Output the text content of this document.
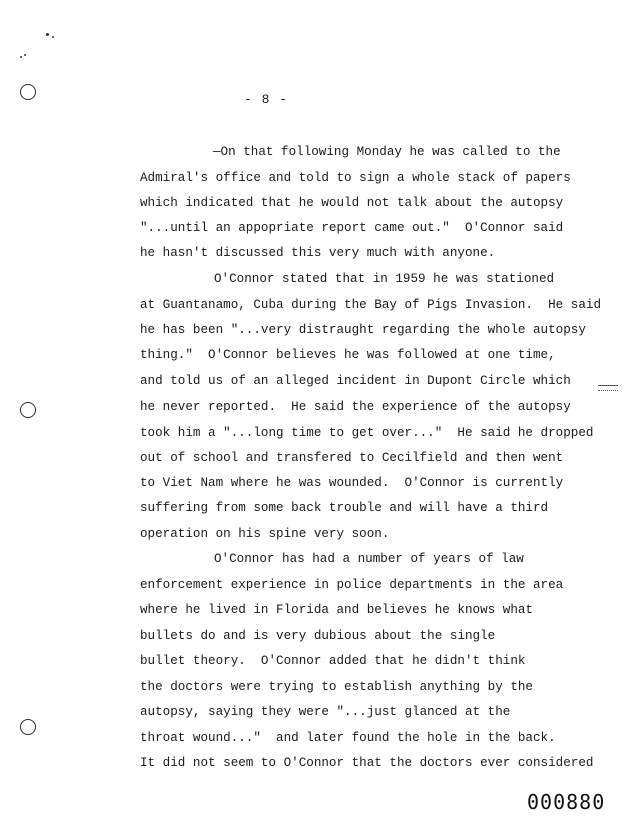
- 8 -
—On that following Monday he was called to the
Admiral's office and told to sign a whole stack of papers
which indicated that he would not talk about the autopsy
"...until an appopriate report came out."  O'Connor said
he hasn't discussed this very much with anyone.
O'Connor stated that in 1959 he was stationed
at Guantanamo, Cuba during the Bay of Pigs Invasion.  He said
he has been "...very distraught regarding the whole autopsy
thing."  O'Connor believes he was followed at one time,
and told us of an alleged incident in Dupont Circle which
he never reported.  He said the experience of the autopsy
took him a "...long time to get over..."  He said he dropped
out of school and transfered to Cecilfield and then went
to Viet Nam where he was wounded.  O'Connor is currently
suffering from some back trouble and will have a third
operation on his spine very soon.
O'Connor has had a number of years of law
enforcement experience in police departments in the area
where he lived in Florida and believes he knows what
bullets do and is very dubious about the single
bullet theory.  O'Connor added that he didn't think
the doctors were trying to establish anything by the
autopsy, saying they were "...just glanced at the
throat wound..."  and later found the hole in the back.
It did not seem to O'Connor that the doctors ever considered
000880
